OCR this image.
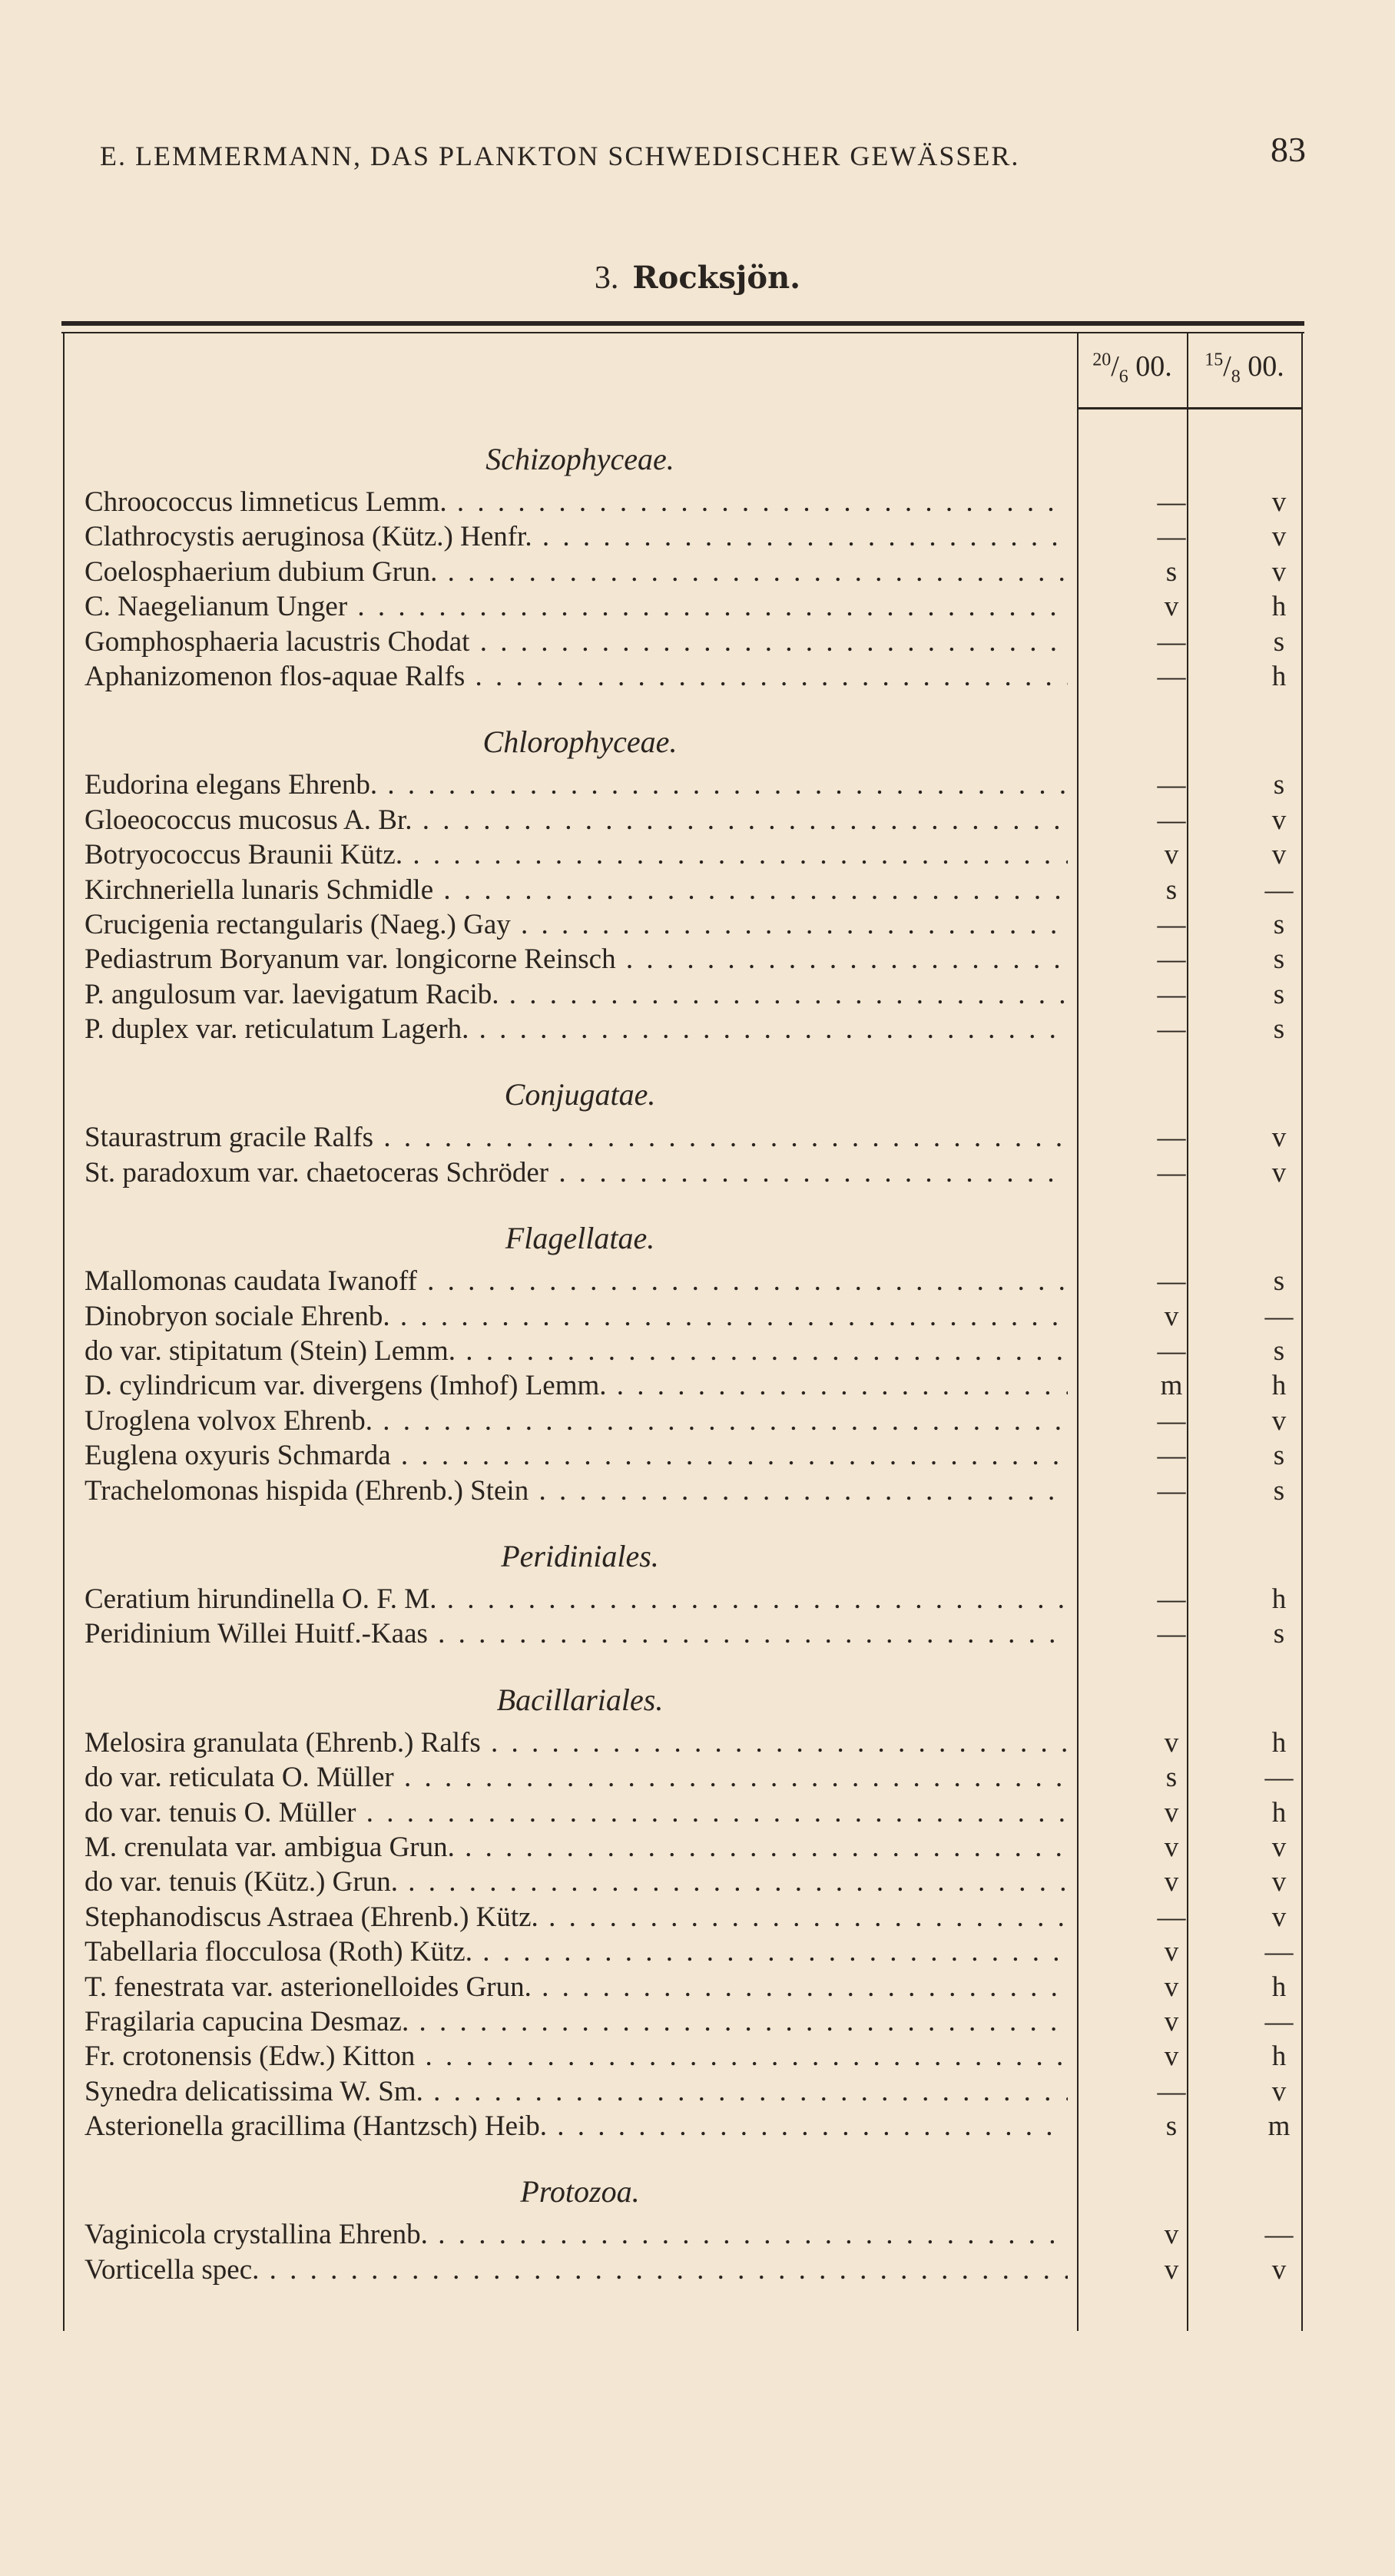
E. LEMMERMANN, DAS PLANKTON SCHWEDISCHER GEWÄSSER.	83
3. Rocksjön.
$^{20}/_6$ 00.	$^{15}/_8$ 00.
Schizophyceae.
Chroococcus limneticus Lemm. . . .	—	v
Clathrocystis aeruginosa (Kütz.) Henfr. . . .	—	v
Coelosphaerium dubium Grun. . . .	s	v
C. Naegelianum Unger . . .	v	h
Gomphosphaeria lacustris Chodat . . .	—	s
Aphanizomenon flos-aquae Ralfs . . .	—	h
Chlorophyceae.
Eudorina elegans Ehrenb. . . .	—	s
Gloeococcus mucosus A. Br. . . .	—	v
Botryococcus Braunii Kütz. . . .	v	v
Kirchneriella lunaris Schmidle . . .	s	—
Crucigenia rectangularis (Naeg.) Gay . . .	—	s
Pediastrum Boryanum var. longicorne Reinsch . . .	—	s
P. angulosum var. laevigatum Racib. . . .	—	s
P. duplex var. reticulatum Lagerh. . . .	—	s
Conjugatae.
Staurastrum gracile Ralfs . . .	—	v
St. paradoxum var. chaetoceras Schröder . . .	—	v
Flagellatae.
Mallomonas caudata Iwanoff . . .	—	s
Dinobryon sociale Ehrenb. . . .	v	—
do var. stipitatum (Stein) Lemm. . . .	—	s
D. cylindricum var. divergens (Imhof) Lemm. . . .	m	h
Uroglena volvox Ehrenb. . . .	—	v
Euglena oxyuris Schmarda . . .	—	s
Trachelomonas hispida (Ehrenb.) Stein . . .	—	s
Peridiniales.
Ceratium hirundinella O. F. M. . . .	—	h
Peridinium Willei Huitf.-Kaas . . .	—	s
Bacillariales.
Melosira granulata (Ehrenb.) Ralfs . . .	v	h
do var. reticulata O. Müller . . .	s	—
do var. tenuis O. Müller . . .	v	h
M. crenulata var. ambigua Grun. . . .	v	v
do var. tenuis (Kütz.) Grun. . . .	v	v
Stephanodiscus Astraea (Ehrenb.) Kütz. . . .	—	v
Tabellaria flocculosa (Roth) Kütz. . . .	v	—
T. fenestrata var. asterionelloides Grun. . . .	v	h
Fragilaria capucina Desmaz. . . .	v	—
Fr. crotonensis (Edw.) Kitton . . .	v	h
Synedra delicatissima W. Sm. . . .	—	v
Asterionella gracillima (Hantzsch) Heib. . . .	s	m
Protozoa.
Vaginicola crystallina Ehrenb. . . .	v	—
Vorticella spec. . . .	v	v
